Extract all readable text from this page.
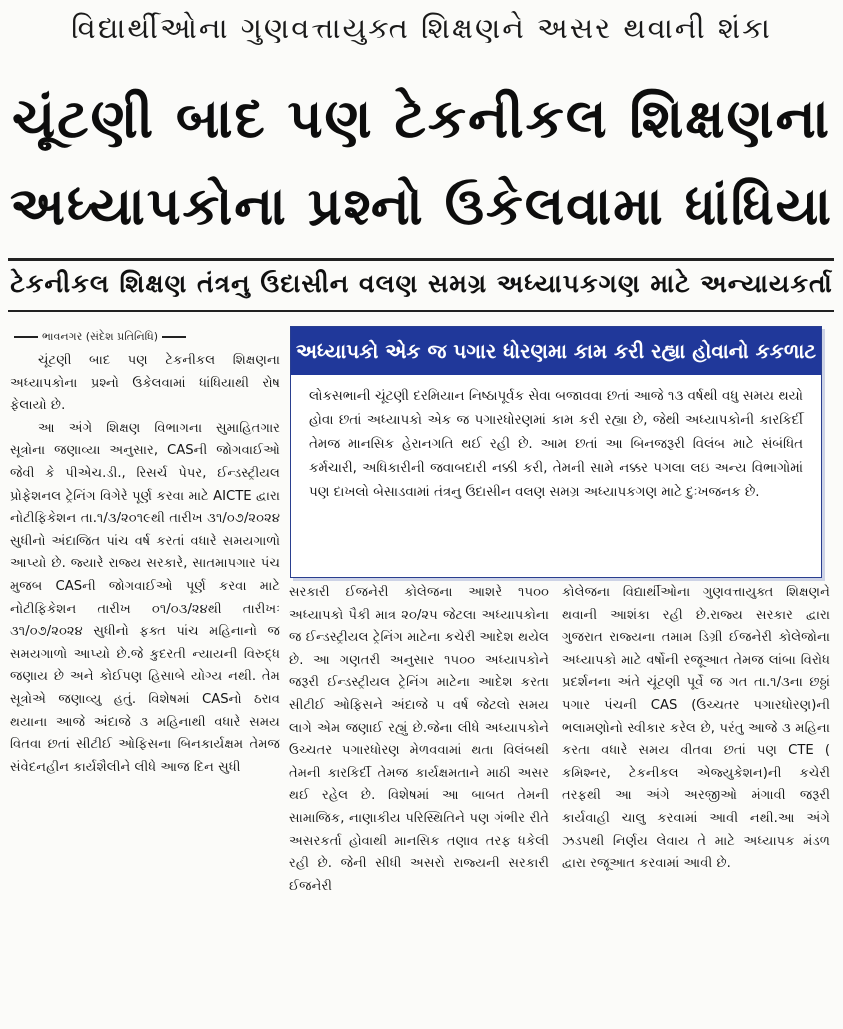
વિદ્યાર્થીઓના ગુણવત્તાયુક્ત શિક્ષણને અસર થવાની શંકા
ચૂંટણી બાદ પણ ટેકનીકલ શિક્ષણના
અધ્યાપકોના પ્રશ્નો ઉકેલવામા ધાંધિયા
ટેકનીકલ શિક્ષણ તંત્રનુ ઉદાસીન વલણ સમગ્ર અધ્યાપકગણ માટે અન્યાયકર્તા
ભાવનગર (સંદેશ પ્રતિનિધિ)

ચૂંટણી બાદ પણ ટેકનીકલ શિક્ષણના અધ્યાપકોના પ્રશ્નો ઉકેલવામાં ધાંધિયાથી રોષ ફેલાયો છે.

આ અંગે શિક્ષણ વિભાગના સુમાહિતગાર સૂત્રોના જણાવ્યા અનુસાર, CASની જોગવાઈઓ જેવી કે પીએચ.ડી., રિસર્ચ પેપર, ઈન્ડસ્ટ્રીયલ પ્રોફેશનલ ટ્રેનિંગ વિગેરે પૂર્ણ કરવા માટે AICTE દ્વારા નોટીફિકેશન તા.૧/૩/૨૦૧૯થી તારીખ ૩૧/૦૭/૨૦૨૪ સુધીનો અંદાજિત પાંચ વર્ષ કરતાં વધારે સમયગાળો આપ્યો છે. જ્યારે રાજ્ય સરકારે, સાતમાપગાર પંચ મુજબ CASની જોગવાઈઓ પૂર્ણ કરવા માટે નોટીફિકેશન તારીખ ૦૧/૦૩/૨૪થી તારીખઃ ૩૧/૦૭/૨૦૨૪ સુધીનો ફક્ત પાંચ મહિનાનો જ સમયગાળો આપ્યો છે.જે કુદરતી ન્યાયની વિરુદ્ધ જણાય છે અને કોઈપણ હિસાબે યોગ્ય નથી. તેમ સૂત્રોએ જણાવ્યુ હતું. વિશેષમાં CASનો ઠરાવ થયાના આજે અંદાજે ૩ મહિનાથી વધારે સમય વિતવા છતાં સીટીઈ ઓફિસના બિનકાર્યક્ષમ તેમજ સંવેદનહીન કાર્યશૈલીને લીધે આજ દિન સુધી

અધ્યાપકો એક જ પગાર ધોરણમા કામ કરી રહ્યા હોવાનો કકળાટ

લોકસભાની ચૂંટણી દરમિયાન નિષ્ઠાપૂર્વક સેવા બજાવવા છતાં આજે ૧૩ વર્ષથી વધુ સમય થયો હોવા છતાં અધ્યાપકો એક જ પગારધોરણમાં કામ કરી રહ્યા છે, જેથી અધ્યાપકોની કારકિર્દી તેમજ માનસિક હેરાનગતિ થઈ રહી છે. આમ છતાં આ બિનજરૂરી વિલંબ માટે સંબંધિત કર્મચારી, અધિકારીની જવાબદારી નક્કી કરી, તેમની સામે નક્કર પગલા લઇ અન્ય વિભાગોમાં પણ દાખલો બેસાડવામાં તંત્રનુ ઉદાસીન વલણ સમગ્ર અધ્યાપકગણ માટે દુઃખજનક છે.

સરકારી ઈજનેરી કોલેજના આશરે ૧૫૦૦ અધ્યાપકો પૈકી માત્ર ૨૦/૨૫ જેટલા અધ્યાપકોના જ ઈન્ડસ્ટ્રીયલ ટ્રેનિંગ માટેના કચેરી આદેશ થયેલ છે. આ ગણતરી અનુસાર ૧૫૦૦ અધ્યાપકોને જરૂરી ઈન્ડસ્ટ્રીયલ ટ્રેનિંગ માટેના આદેશ કરતા સીટીઈ ઓફિસને અંદાજે ૫ વર્ષ જેટલો સમય લાગે એમ જણાઈ રહ્યું છે.જેના લીધે અધ્યાપકોને ઉચ્ચતર પગારધોરણ મેળવવામાં થતા વિલંબથી તેમની કારકિર્દી તેમજ કાર્યક્ષમતાને માઠી અસર થઈ રહેલ છે. વિશેષમાં આ બાબત તેમની સામાજિક, નાણાકીય પરિસ્થિતિને પણ ગંભીર રીતે અસરકર્તા હોવાથી માનસિક તણાવ તરફ ધકેલી રહી છે. જેની સીધી અસરો રાજ્યની સરકારી ઈજનેરી

કોલેજના વિદ્યાર્થીઓના ગુણવત્તાયુક્ત શિક્ષણને થવાની આશંકા રહી છે.રાજ્ય સરકાર દ્વારા ગુજરાત રાજ્યના તમામ ડિગ્રી ઈજનેરી કોલેજોના અધ્યાપકો માટે વર્ષોની રજૂઆત તેમજ લાંબા વિરોધ પ્રદર્શનના અંતે ચૂંટણી પૂર્વે જ ગત તા.૧/૩ના છઠ્ઠાં પગાર પંચની CAS (ઉચ્ચતર પગારધોરણ)ની ભલામણોનો સ્વીકાર કરેલ છે, પરંતુ આજે ૩ મહિના કરતા વધારે સમય વીતવા છતાં પણ CTE ( કમિશ્નર, ટેકનીકલ એજ્યુકેશન)ની કચેરી તરફથી આ અંગે અરજીઓ મંગાવી જરૂરી કાર્યવાહી ચાલુ કરવામાં આવી નથી.આ અંગે ઝડપથી નિર્ણય લેવાય તે માટે અધ્યાપક મંડળ દ્વારા રજૂઆત કરવામાં આવી છે.
